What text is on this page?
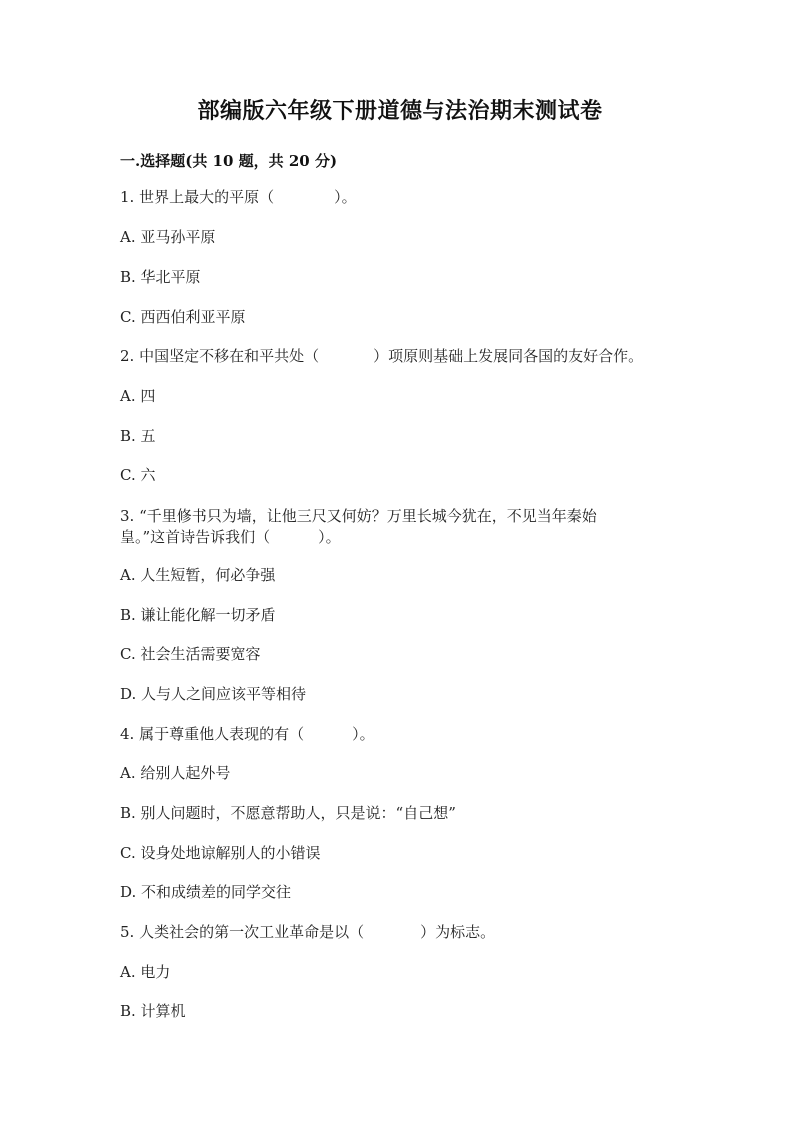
部编版六年级下册道德与法治期末测试卷
一.选择题(共 10 题，共 20 分)
1. 世界上最大的平原（	）。
A. 亚马孙平原
B. 华北平原
C. 西西伯利亚平原
2. 中国坚定不移在和平共处（	）项原则基础上发展同各国的友好合作。
A. 四
B. 五
C. 六
3. “千里修书只为墙，让他三尺又何妨？万里长城今犹在，不见当年秦始
皇。”这首诗告诉我们（	）。
A. 人生短暂，何必争强
B. 谦让能化解一切矛盾
C. 社会生活需要宽容
D. 人与人之间应该平等相待
4. 属于尊重他人表现的有（	）。
A. 给别人起外号
B. 别人问题时，不愿意帮助人，只是说：“自己想”
C. 设身处地谅解别人的小错误
D. 不和成绩差的同学交往
5. 人类社会的第一次工业革命是以（	）为标志。
A. 电力
B. 计算机
